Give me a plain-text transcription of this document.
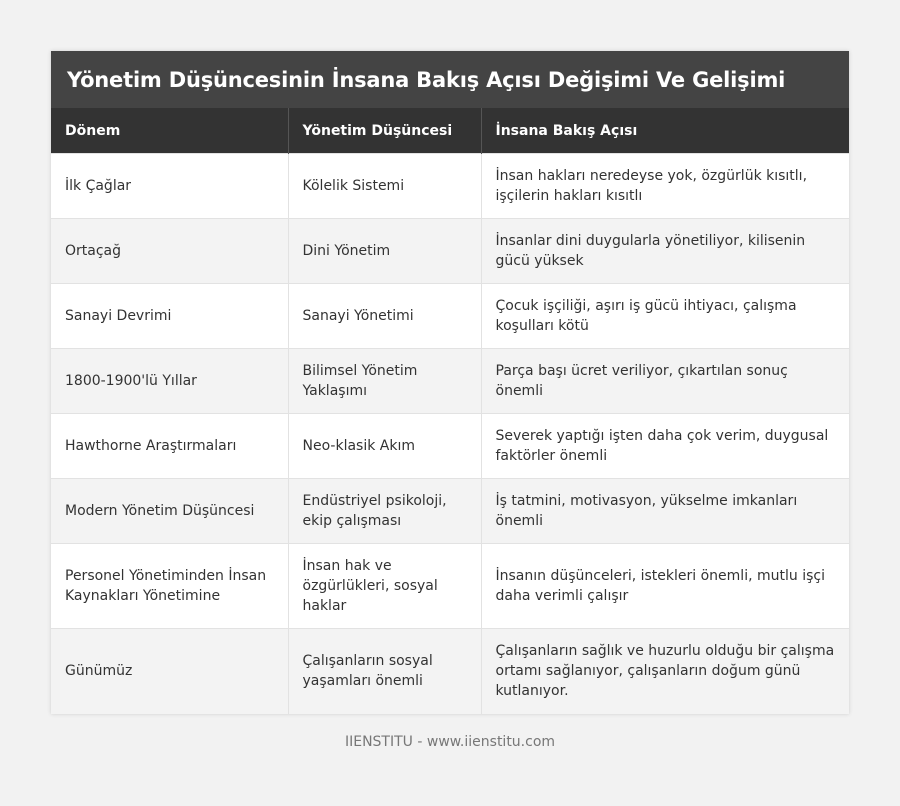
Yönetim Düşüncesinin İnsana Bakış Açısı Değişimi Ve Gelişimi
Dönem	Yönetim Düşüncesi	İnsana Bakış Açısı
İlk Çağlar	Kölelik Sistemi	İnsan hakları neredeyse yok, özgürlük kısıtlı, işçilerin hakları kısıtlı
Ortaçağ	Dini Yönetim	İnsanlar dini duygularla yönetiliyor, kilisenin gücü yüksek
Sanayi Devrimi	Sanayi Yönetimi	Çocuk işçiliği, aşırı iş gücü ihtiyacı, çalışma koşulları kötü
1800-1900'lü Yıllar	Bilimsel Yönetim Yaklaşımı	Parça başı ücret veriliyor, çıkartılan sonuç önemli
Hawthorne Araştırmaları	Neo-klasik Akım	Severek yaptığı işten daha çok verim, duygusal faktörler önemli
Modern Yönetim Düşüncesi	Endüstriyel psikoloji, ekip çalışması	İş tatmini, motivasyon, yükselme imkanları önemli
Personel Yönetiminden İnsan Kaynakları Yönetimine	İnsan hak ve özgürlükleri, sosyal haklar	İnsanın düşünceleri, istekleri önemli, mutlu işçi daha verimli çalışır
Günümüz	Çalışanların sosyal yaşamları önemli	Çalışanların sağlık ve huzurlu olduğu bir çalışma ortamı sağlanıyor, çalışanların doğum günü kutlanıyor.
IIENSTITU - www.iienstitu.com
